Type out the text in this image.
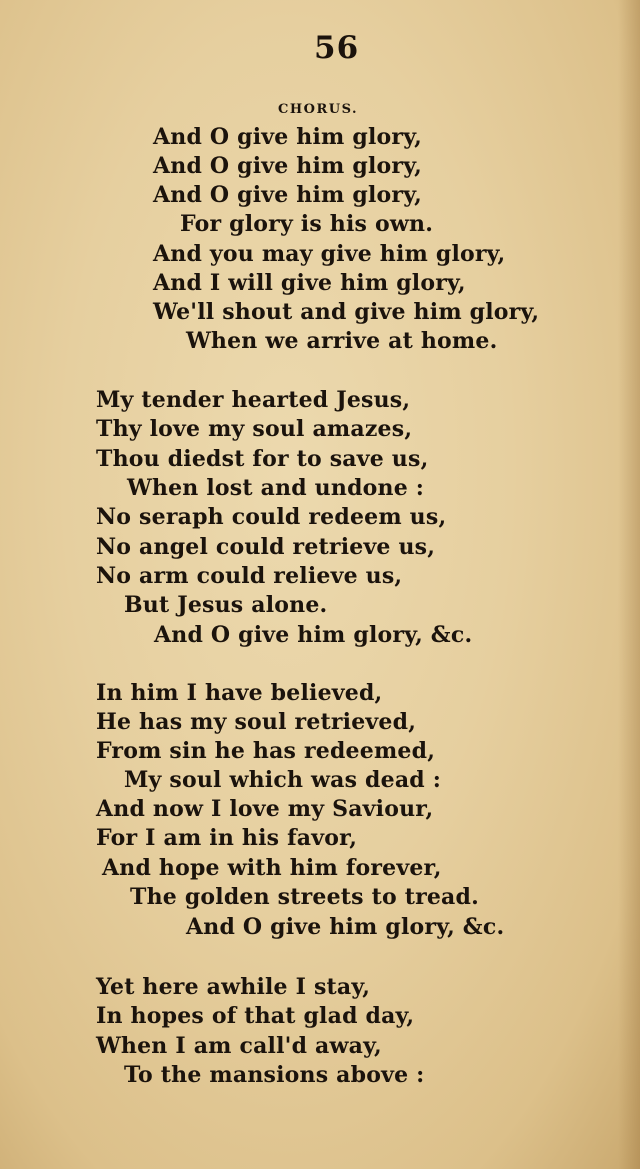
56
CHORUS.
And O give him glory,
And O give him glory,
And O give him glory,
For glory is his own.
And you may give him glory,
And I will give him glory,
We'll shout and give him glory,
When we arrive at home.
My tender hearted Jesus,
Thy love my soul amazes,
Thou diedst for to save us,
When lost and undone :
No seraph could redeem us,
No angel could retrieve us,
No arm could relieve us,
But Jesus alone.
And O give him glory, &c.
In him I have believed,
He has my soul retrieved,
From sin he has redeemed,
My soul which was dead :
And now I love my Saviour,
For I am in his favor,
And hope with him forever,
The golden streets to tread.
And O give him glory, &c.
Yet here awhile I stay,
In hopes of that glad day,
When I am call'd away,
To the mansions above :
